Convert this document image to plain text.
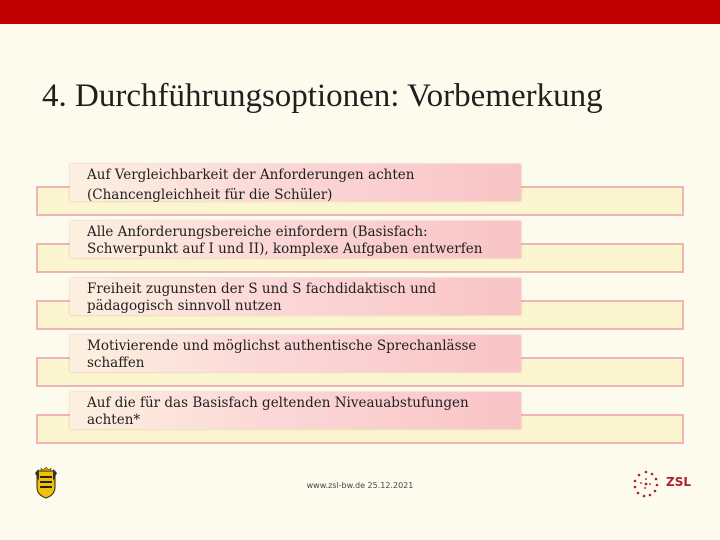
4. Durchführungsoptionen: Vorbemerkung
Auf Vergleichbarkeit der Anforderungen achten
(Chancengleichheit für die Schüler)
Alle Anforderungsbereiche einfordern (Basisfach:
Schwerpunkt auf I und II), komplexe Aufgaben entwerfen
Freiheit zugunsten der S und S fachdidaktisch und
pädagogisch sinnvoll nutzen
Motivierende und möglichst authentische Sprechanlässe
schaffen
Auf die für das Basisfach geltenden Niveauabstufungen
achten*
www.zsl-bw.de 25.12.2021	ZSL
